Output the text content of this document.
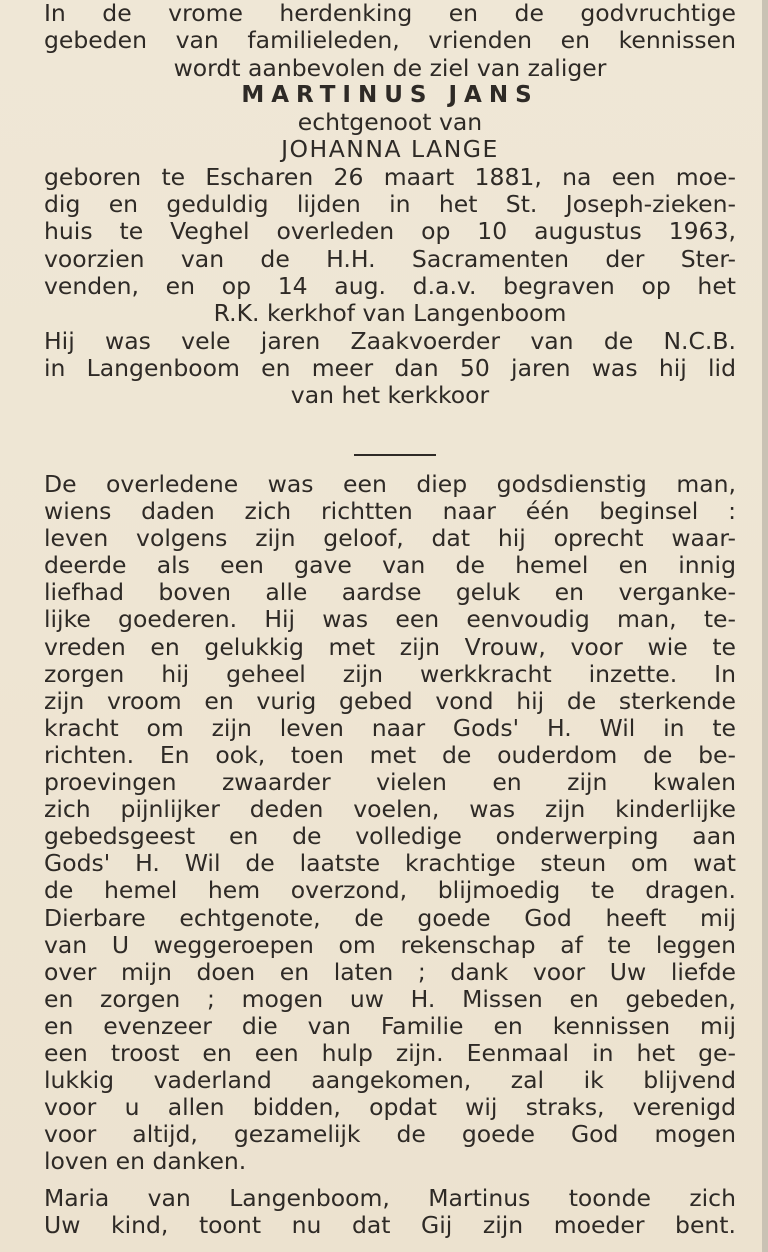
In de vrome herdenking en de godvruchtige
gebeden van familieleden, vrienden en kennissen
wordt aanbevolen de ziel van zaliger
MARTINUS JANS
echtgenoot van
JOHANNA LANGE
geboren te Escharen 26 maart 1881, na een moe-
dig en geduldig lijden in het St. Joseph-zieken-
huis te Veghel overleden op 10 augustus 1963,
voorzien van de H.H. Sacramenten der Ster-
venden, en op 14 aug. d.a.v. begraven op het
R.K. kerkhof van Langenboom
Hij was vele jaren Zaakvoerder van de N.C.B.
in Langenboom en meer dan 50 jaren was hij lid
van het kerkkoor
De overledene was een diep godsdienstig man,
wiens daden zich richtten naar één beginsel :
leven volgens zijn geloof, dat hij oprecht waar-
deerde als een gave van de hemel en innig
liefhad boven alle aardse geluk en verganke-
lijke goederen. Hij was een eenvoudig man, te-
vreden en gelukkig met zijn Vrouw, voor wie te
zorgen hij geheel zijn werkkracht inzette. In
zijn vroom en vurig gebed vond hij de sterkende
kracht om zijn leven naar Gods' H. Wil in te
richten. En ook, toen met de ouderdom de be-
proevingen zwaarder vielen en zijn kwalen
zich pijnlijker deden voelen, was zijn kinderlijke
gebedsgeest en de volledige onderwerping aan
Gods' H. Wil de laatste krachtige steun om wat
de hemel hem overzond, blijmoedig te dragen.
Dierbare echtgenote, de goede God heeft mij
van U weggeroepen om rekenschap af te leggen
over mijn doen en laten ; dank voor Uw liefde
en zorgen ; mogen uw H. Missen en gebeden,
en evenzeer die van Familie en kennissen mij
een troost en een hulp zijn. Eenmaal in het ge-
lukkig vaderland aangekomen, zal ik blijvend
voor u allen bidden, opdat wij straks, verenigd
voor altijd, gezamelijk de goede God mogen
loven en danken.
Maria van Langenboom, Martinus toonde zich
Uw kind, toont nu dat Gij zijn moeder bent.
